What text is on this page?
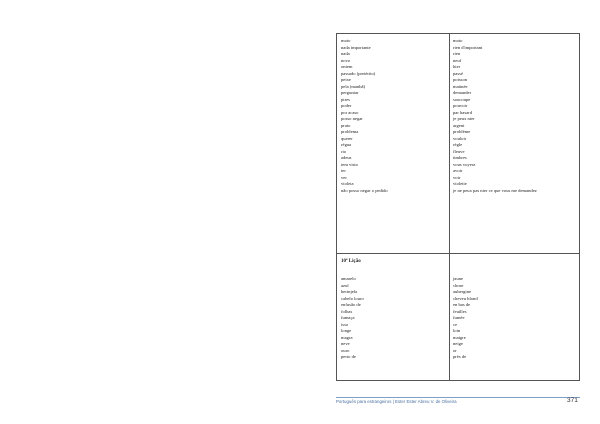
moto
nada importante
nada
novo
ontem
passado (pretérito)
peixe
pela (manhã)
perguntar
pires
poder
por acaso
posso negar
prato
problema
querer
régua
rio
adeus
tem visto
ter
ver
violeta
não posso negar o pedido
moto
rien d'important
rien
neuf
hier
passé
poisson
matinée
demander
soucoupe
pouvoir
par hasard
je peux nier
argent
problème
vouloir
règle
fleuve
timbres
vous voyerz
avoir
voir
violette
je ne peux pas nier ce que vous me demandez
10ª Lição
amarelo
azul
berinjela
cabelo louro
enfusão de
folhas
fumaça
isso
longe
magra
neve
ouro
perto de
jaune
chose
aubergine
cheveu blond
en bas de
feuilles
fumée
ce
loin
maigre
neige
or
près de
Português para estrangeiros | Ester Ester Abreu V. de Oliveira	371
